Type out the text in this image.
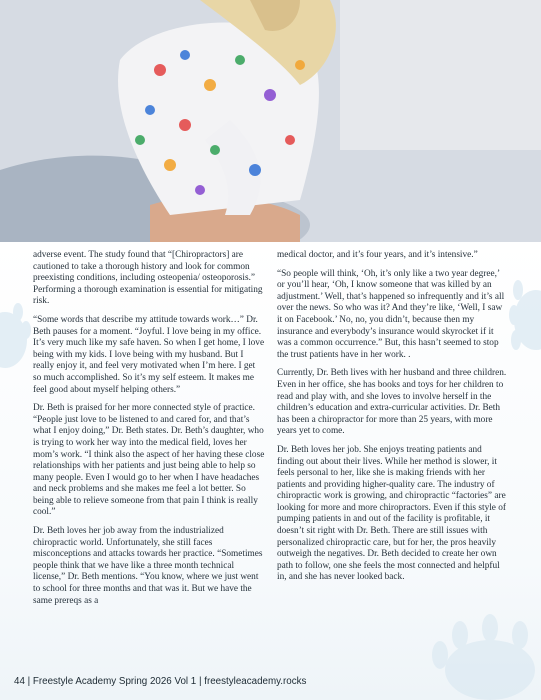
adverse event. The study found that “[Chiropractors] are cautioned to take a thorough history and look for common preexisting conditions, including osteopenia/ osteoporosis.” Performing a thorough examination is essential for mitigating risk.

“Some words that describe my attitude towards work…” Dr. Beth pauses for a moment. “Joyful. I love being in my office. It’s very much like my safe haven. So when I get home, I love being with my kids. I love being with my husband. But I really enjoy it, and feel very motivated when I’m here. I get so much accomplished. So it’s my self esteem. It makes me feel good about myself helping others.”

Dr. Beth is praised for her more connected style of practice. “People just love to be listened to and cared for, and that’s what I enjoy doing,” Dr. Beth states. Dr. Beth’s daughter, who is trying to work her way into the medical field, loves her mom’s work. “I think also the aspect of her having these close relationships with her patients and just being able to help so many people. Even I would go to her when I have headaches and neck problems and she makes me feel a lot better. So being able to relieve someone from that pain I think is really cool.”

Dr. Beth loves her job away from the industrialized chiropractic world. Unfortunately, she still faces misconceptions and attacks towards her practice. “Sometimes people think that we have like a three month technical license,” Dr. Beth mentions. “You know, where we just went to school for three months and that was it. But we have the same prereqs as a

medical doctor, and it’s four years, and it’s intensive.”

“So people will think, ‘Oh, it’s only like a two year degree,’ or you’ll hear, ‘Oh, I know someone that was killed by an adjustment.’ Well, that’s happened so infrequently and it’s all over the news. So who was it? And they’re like, ‘Well, I saw it on Facebook.’ No, no, you didn’t, because then my insurance and everybody’s insurance would skyrocket if it was a common occurrence.” But, this hasn’t seemed to stop the trust patients have in her work. .

Currently, Dr. Beth lives with her husband and three children. Even in her office, she has books and toys for her children to read and play with, and she loves to involve herself in the children’s education and extra-curricular activities. Dr. Beth has been a chiropractor for more than 25 years, with more years yet to come.

Dr. Beth loves her job. She enjoys treating patients and finding out about their lives. While her method is slower, it feels personal to her, like she is making friends with her patients and providing higher-quality care. The industry of chiropractic work is growing, and chiropractic “factories” are looking for more and more chiropractors. Even if this style of pumping patients in and out of the facility is profitable, it doesn’t sit right with Dr. Beth. There are still issues with personalized chiropractic care, but for her, the pros heavily outweigh the negatives. Dr. Beth decided to create her own path to follow, one she feels the most connected and helpful in, and she has never looked back.

44 | Freestyle Academy Spring 2026 Vol 1 | freestyleacademy.rocks
